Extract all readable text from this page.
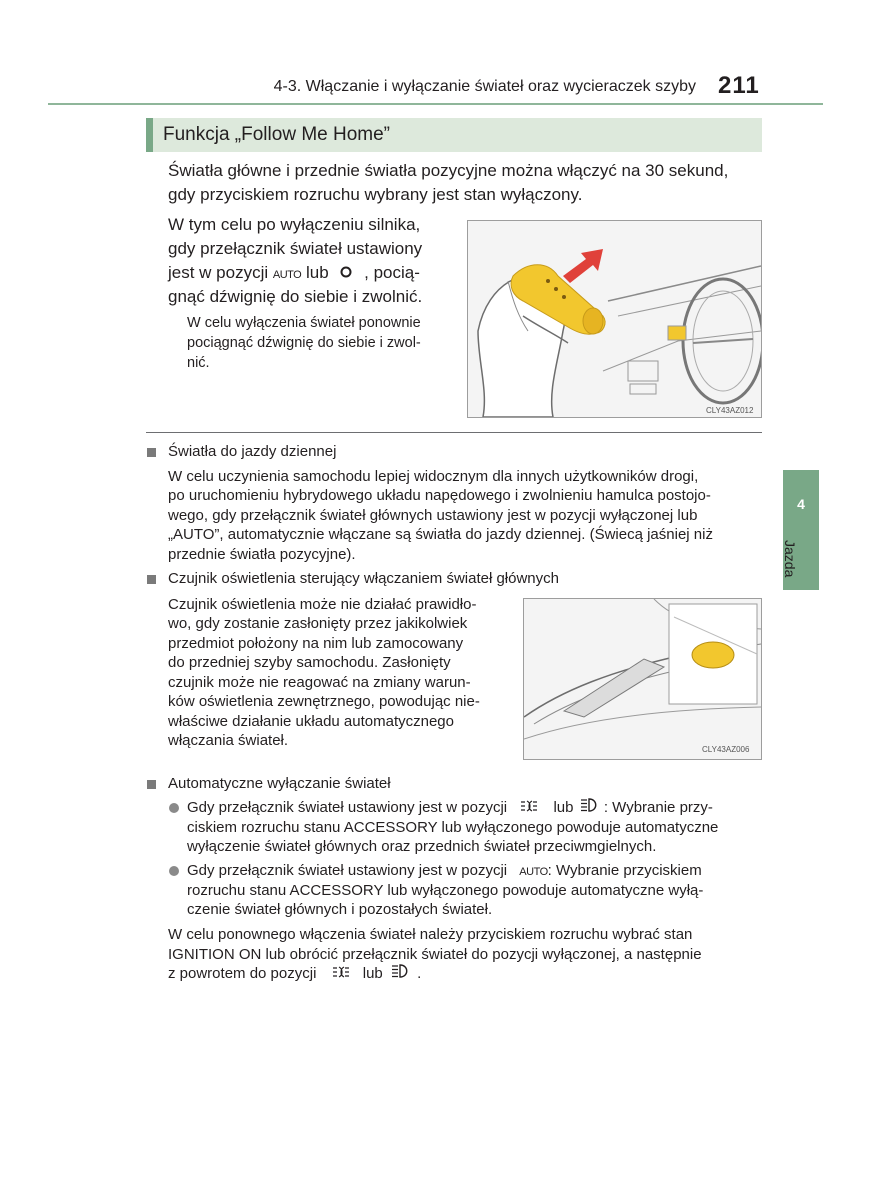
4-3. Włączanie i wyłączanie świateł oraz wycieraczek szyby 211
Funkcja „Follow Me Home”
Światła główne i przednie światła pozycyjne można włączyć na 30 sekund,
gdy przyciskiem rozruchu wybrany jest stan wyłączony.
W tym celu po wyłączeniu silnika,
gdy przełącznik świateł ustawiony
jest w pozycji AUTO lub , pocią-
gnąć dźwignię do siebie i zwolnić.
W celu wyłączenia świateł ponownie
pociągnąć dźwignię do siebie i zwol-
nić.
CLY43AZ012
Światła do jazdy dziennej
W celu uczynienia samochodu lepiej widocznym dla innych użytkowników drogi,
po uruchomieniu hybrydowego układu napędowego i zwolnieniu hamulca postojo-
wego, gdy przełącznik świateł głównych ustawiony jest w pozycji wyłączonej lub
„AUTO”, automatycznie włączane są światła do jazdy dziennej. (Świecą jaśniej niż
przednie światła pozycyjne).
Czujnik oświetlenia sterujący włączaniem świateł głównych
Czujnik oświetlenia może nie działać prawidło-
wo, gdy zostanie zasłonięty przez jakikolwiek
przedmiot położony na nim lub zamocowany
do przedniej szyby samochodu. Zasłonięty
czujnik może nie reagować na zmiany warun-
ków oświetlenia zewnętrznego, powodując nie-
właściwe działanie układu automatycznego
włączania świateł.
CLY43AZ006
Automatyczne wyłączanie świateł
Gdy przełącznik świateł ustawiony jest w pozycji	lub : Wybranie przy-
ciskiem rozruchu stanu ACCESSORY lub wyłączonego powoduje automatyczne
wyłączenie świateł głównych oraz przednich świateł przeciwmgielnych.
Gdy przełącznik świateł ustawiony jest w pozycji AUTO: Wybranie przyciskiem
rozruchu stanu ACCESSORY lub wyłączonego powoduje automatyczne wyłą-
czenie świateł głównych i pozostałych świateł.
W celu ponownego włączenia świateł należy przyciskiem rozruchu wybrać stan
IGNITION ON lub obrócić przełącznik świateł do pozycji wyłączonej, a następnie
z powrotem do pozycji	lub .
4
Jazda
